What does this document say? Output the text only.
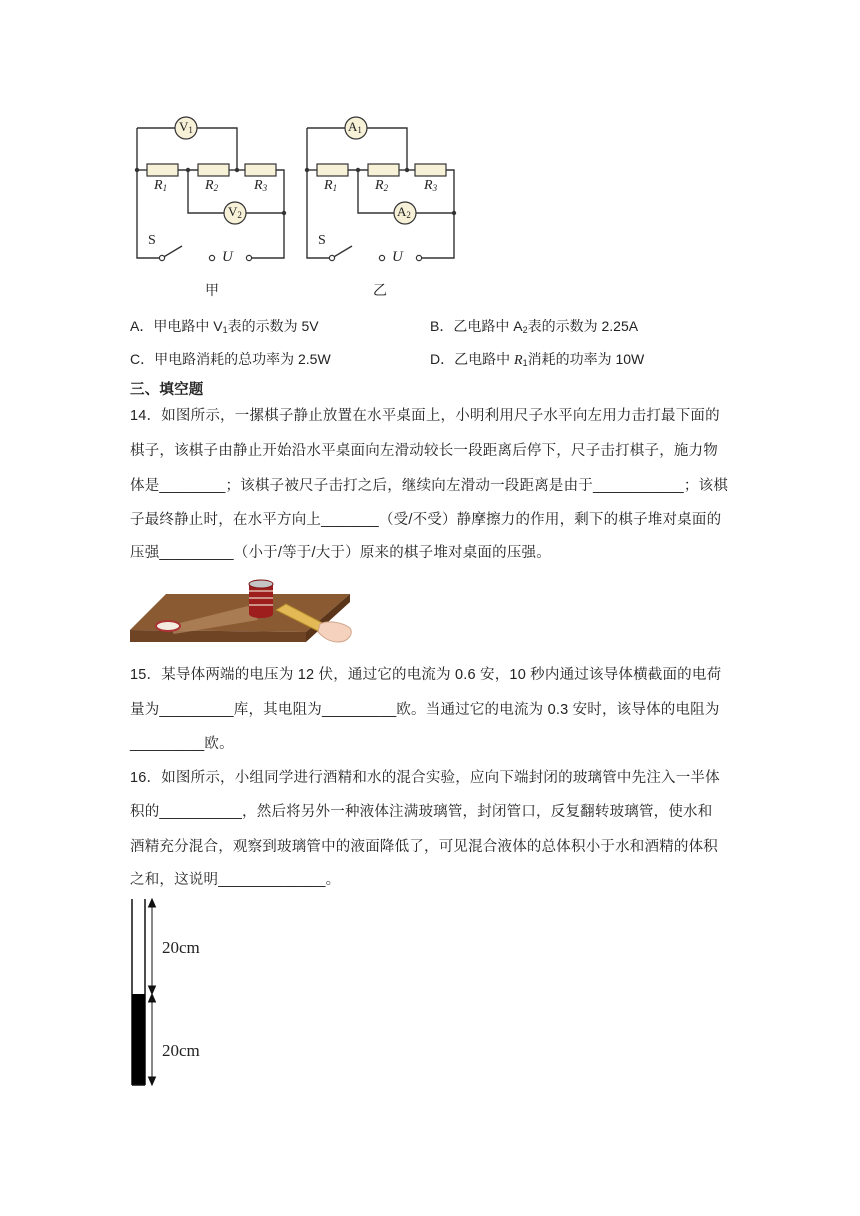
$V_1$
$V_2$
$R_1$	$R_2$	$R_3$
S
U
甲
$A_1$
$A_2$
$R_1$	$R_2$	$R_3$
S
U
乙
A．甲电路中 $V_1$表的示数为 5V	B．乙电路中 $A_2$表的示数为 2.25A
C．甲电路消耗的总功率为 2.5W	D．乙电路中 $R_1$消耗的功率为 10W
三、填空题
14．如图所示，一摞棋子静止放置在水平桌面上，小明利用尺子水平向左用力击打最下面的
棋子，该棋子由静止开始沿水平桌面向左滑动较长一段距离后停下，尺子击打棋子，施力物
体是________；该棋子被尺子击打之后，继续向左滑动一段距离是由于___________；该棋
子最终静止时，在水平方向上_______（受/不受）静摩擦力的作用，剩下的棋子堆对桌面的
压强_________（小于/等于/大于）原来的棋子堆对桌面的压强。
15．某导体两端的电压为 12 伏，通过它的电流为 0.6 安，10 秒内通过该导体横截面的电荷
量为_________库，其电阻为_________欧。当通过它的电流为 0.3 安时，该导体的电阻为
_________欧。
16．如图所示，小组同学进行酒精和水的混合实验，应向下端封闭的玻璃管中先注入一半体
积的__________，然后将另外一种液体注满玻璃管，封闭管口，反复翻转玻璃管，使水和
酒精充分混合，观察到玻璃管中的液面降低了，可见混合液体的总体积小于水和酒精的体积
之和，这说明_____________。
20cm
20cm
